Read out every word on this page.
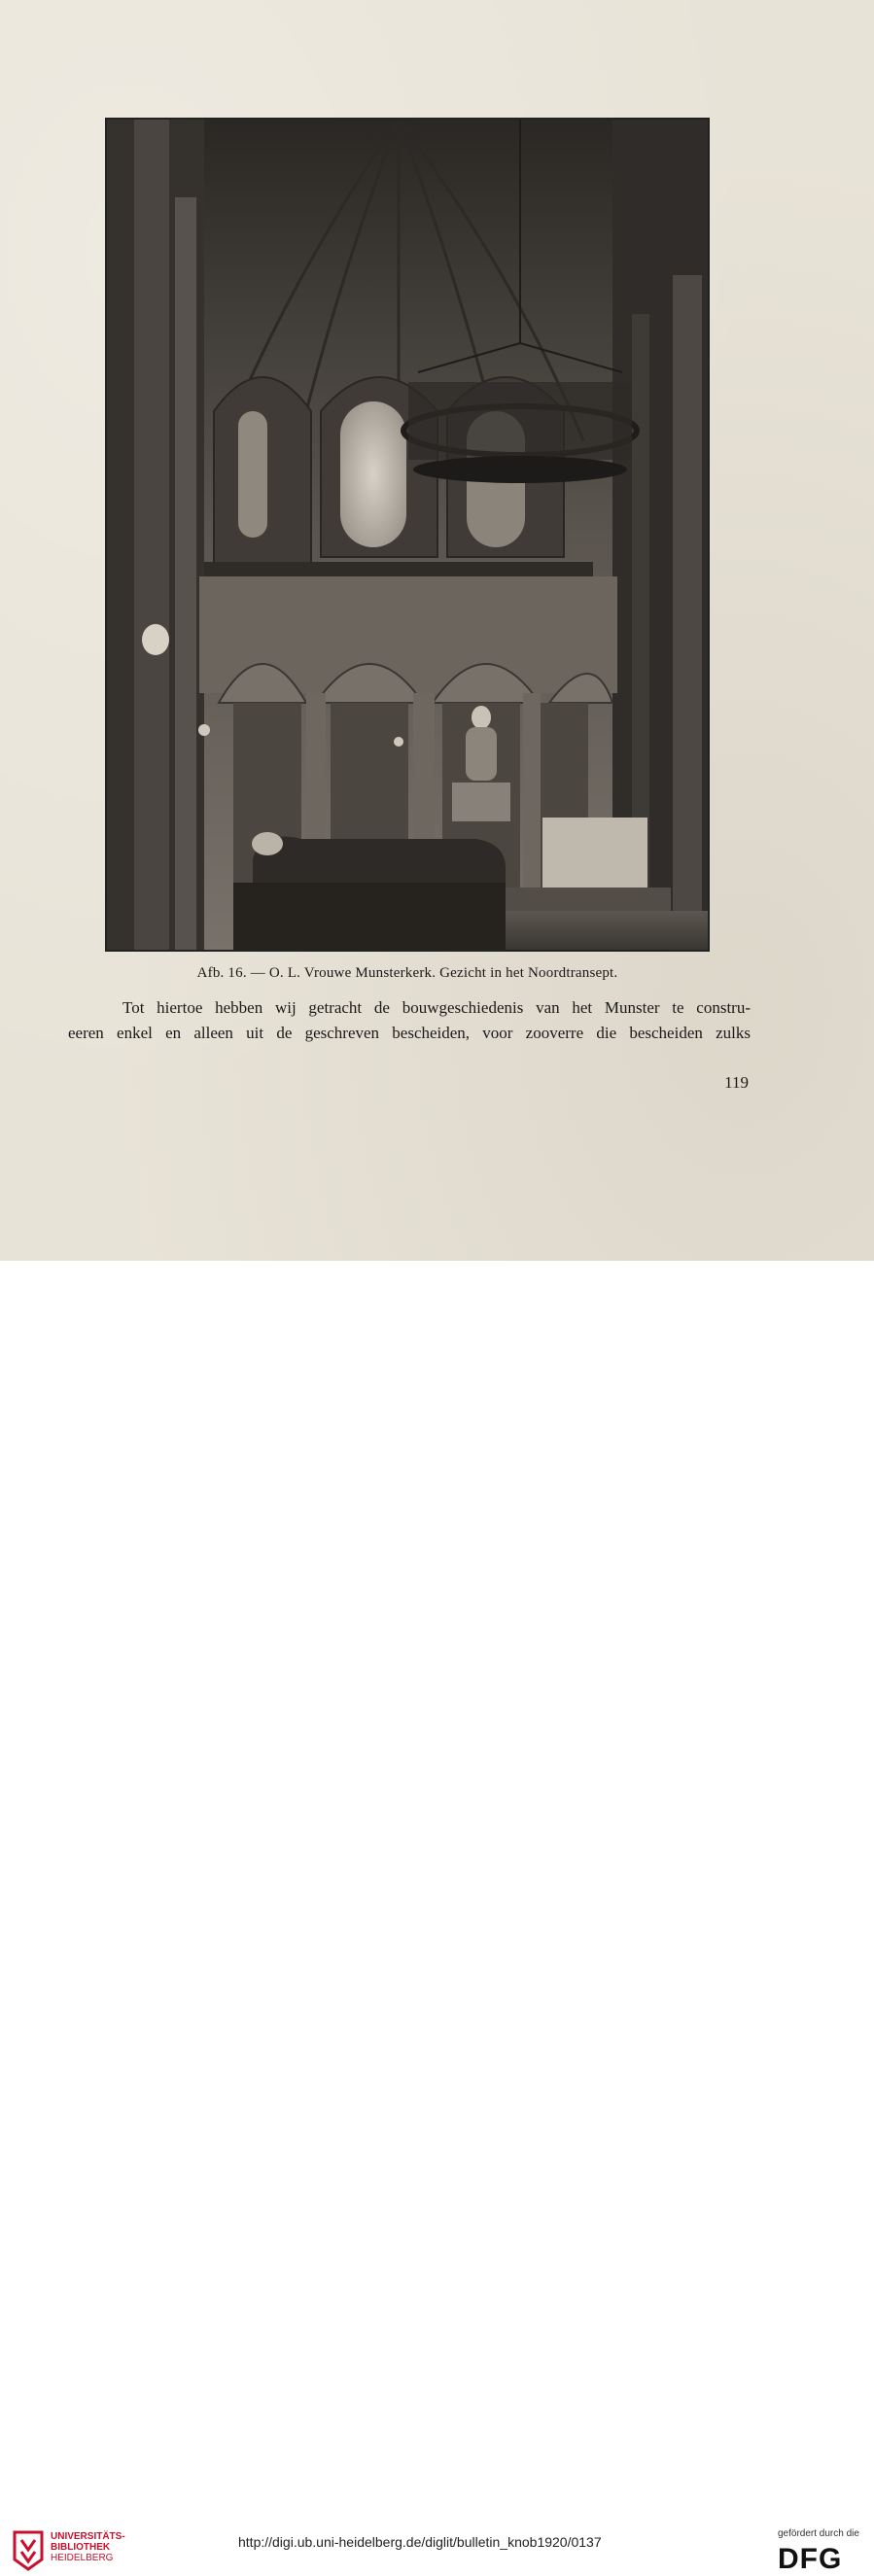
Afb. 16. — O. L. Vrouwe Munsterkerk. Gezicht in het Noordtransept.
Tot hiertoe hebben wij getracht de bouwgeschiedenis van het Munster te constru-
eeren enkel en alleen uit de geschreven bescheiden, voor zooverre die bescheiden zulks
119
UNIVERSITÄTS-
BIBLIOTHEK
HEIDELBERG
http://digi.ub.uni-heidelberg.de/diglit/bulletin_knob1920/0137
gefördert durch die
DFG
